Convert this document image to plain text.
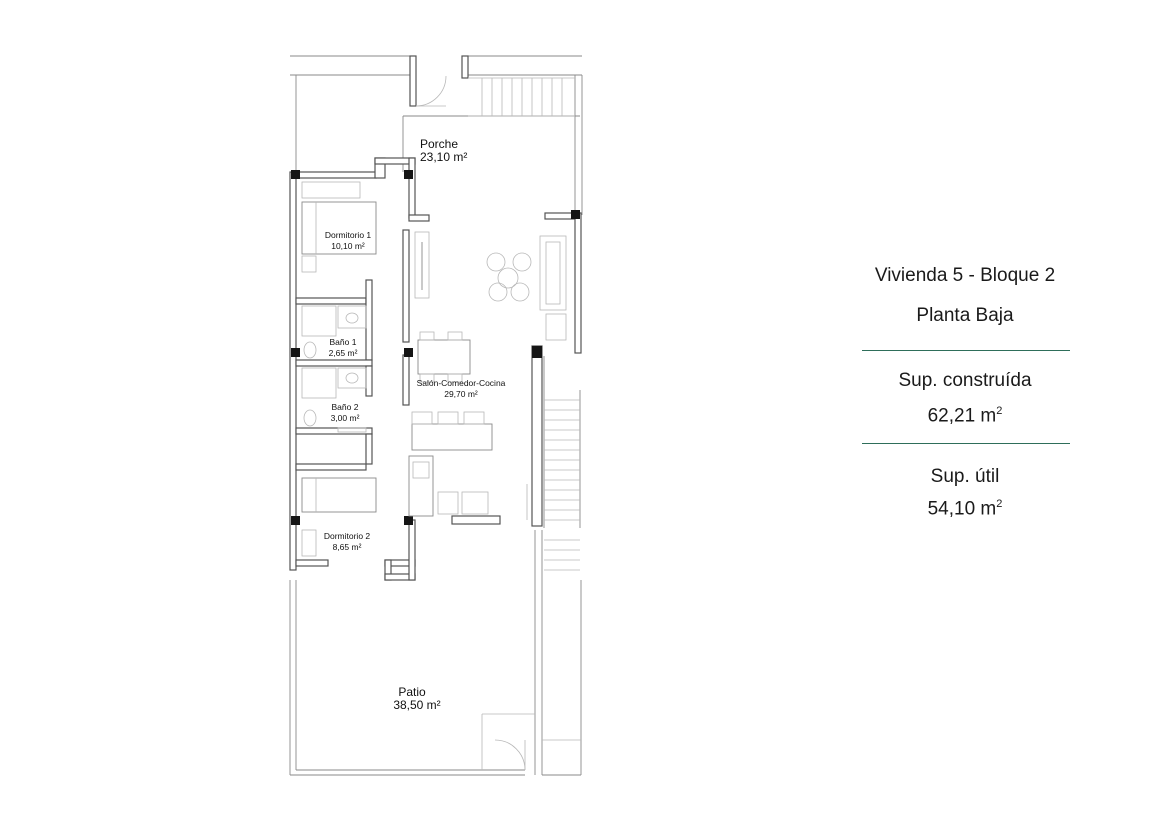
Porche
23,10 m²
Dormitorio 1
10,10 m²
Baño 1
2,65 m²
Salón-Comedor-Cocina
29,70 m²
Baño 2
3,00 m²
Dormitorio 2
8,65 m²
Patio
38,50 m²
Vivienda 5 - Bloque 2
Planta Baja
Sup. construída
62,21 $m^2$
Sup. útil
54,10 $m^2$
